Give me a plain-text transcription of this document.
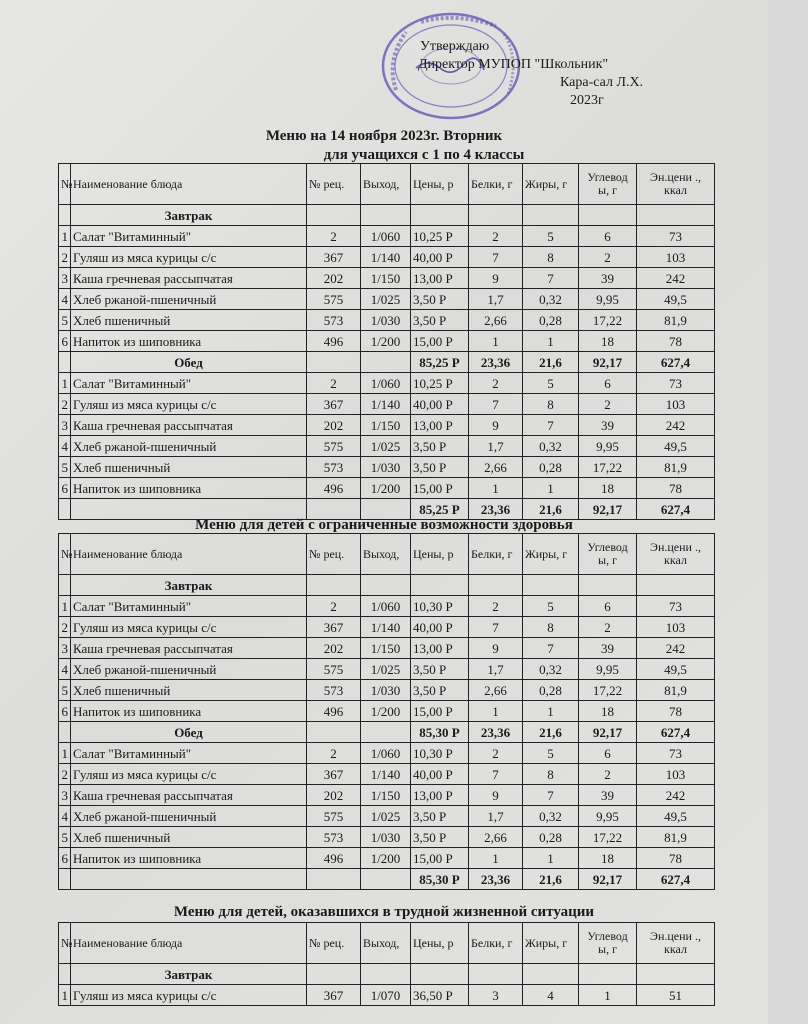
Утверждаю
Директор МУПОП "Школьник"
Кара-сал Л.Х.
2023г
Меню на 14 ноября 2023г. Вторник
для учащихся с 1 по 4 классы
№	Наименование блюда	№ рец.	Выход,	Цены, р	Белки, г	Жиры, г	Углевод ы, г	Эн.цени ., ккал
	Завтрак							
1	Салат "Витаминный"	2	1/060	10,25 Р	2	5	6	73
2	Гуляш из мяса курицы с/с	367	1/140	40,00 Р	7	8	2	103
3	Каша гречневая рассыпчатая	202	1/150	13,00 Р	9	7	39	242
4	Хлеб ржаной-пшеничный	575	1/025	3,50 Р	1,7	0,32	9,95	49,5
5	Хлеб пшеничный	573	1/030	3,50 Р	2,66	0,28	17,22	81,9
6	Напиток из шиповника	496	1/200	15,00 Р	1	1	18	78
	Обед			85,25 Р	23,36	21,6	92,17	627,4
1	Салат "Витаминный"	2	1/060	10,25 Р	2	5	6	73
2	Гуляш из мяса курицы с/с	367	1/140	40,00 Р	7	8	2	103
3	Каша гречневая рассыпчатая	202	1/150	13,00 Р	9	7	39	242
4	Хлеб ржаной-пшеничный	575	1/025	3,50 Р	1,7	0,32	9,95	49,5
5	Хлеб пшеничный	573	1/030	3,50 Р	2,66	0,28	17,22	81,9
6	Напиток из шиповника	496	1/200	15,00 Р	1	1	18	78
				85,25 Р	23,36	21,6	92,17	627,4
Меню для детей с ограниченные возможности здоровья
№	Наименование блюда	№ рец.	Выход,	Цены, р	Белки, г	Жиры, г	Углевод ы, г	Эн.цени ., ккал
	Завтрак							
1	Салат "Витаминный"	2	1/060	10,30 Р	2	5	6	73
2	Гуляш из мяса курицы с/с	367	1/140	40,00 Р	7	8	2	103
3	Каша гречневая рассыпчатая	202	1/150	13,00 Р	9	7	39	242
4	Хлеб ржаной-пшеничный	575	1/025	3,50 Р	1,7	0,32	9,95	49,5
5	Хлеб пшеничный	573	1/030	3,50 Р	2,66	0,28	17,22	81,9
6	Напиток из шиповника	496	1/200	15,00 Р	1	1	18	78
	Обед			85,30 Р	23,36	21,6	92,17	627,4
1	Салат "Витаминный"	2	1/060	10,30 Р	2	5	6	73
2	Гуляш из мяса курицы с/с	367	1/140	40,00 Р	7	8	2	103
3	Каша гречневая рассыпчатая	202	1/150	13,00 Р	9	7	39	242
4	Хлеб ржаной-пшеничный	575	1/025	3,50 Р	1,7	0,32	9,95	49,5
5	Хлеб пшеничный	573	1/030	3,50 Р	2,66	0,28	17,22	81,9
6	Напиток из шиповника	496	1/200	15,00 Р	1	1	18	78
				85,30 Р	23,36	21,6	92,17	627,4
Меню для детей, оказавшихся в трудной жизненной ситуации
№	Наименование блюда	№ рец.	Выход,	Цены, р	Белки, г	Жиры, г	Углевод ы, г	Эн.цени ., ккал
	Завтрак							
1	Гуляш из мяса курицы с/с	367	1/070	36,50 Р	3	4	1	51
